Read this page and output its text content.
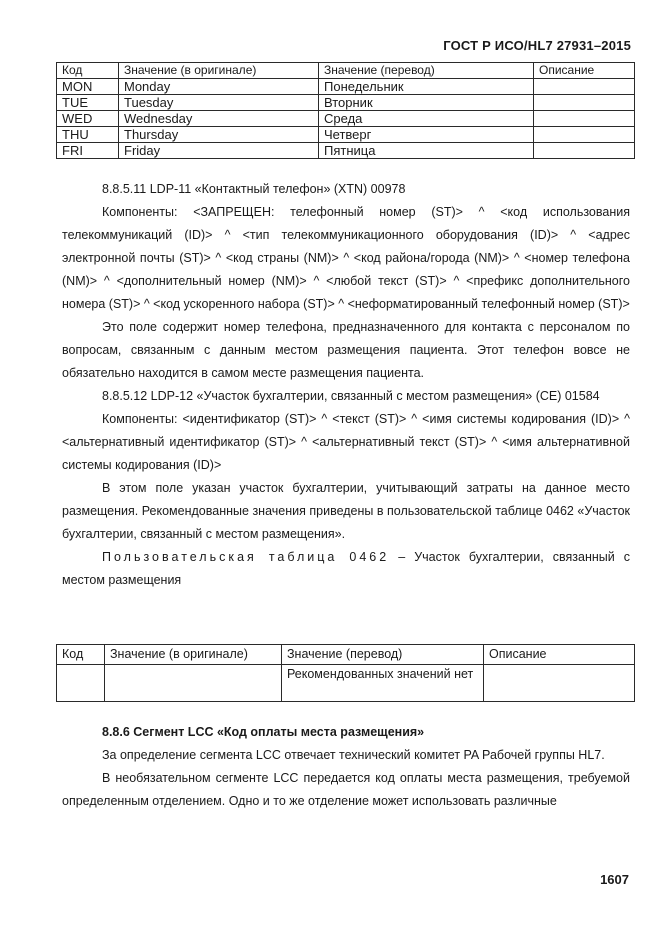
ГОСТ Р ИСО/HL7 27931–2015
Код	Значение (в оригинале)	Значение (перевод)	Описание
MON	Monday	Понедельник	
TUE	Tuesday	Вторник	
WED	Wednesday	Среда	
THU	Thursday	Четверг	
FRI	Friday	Пятница	

8.8.5.11 LDP-11 «Контактный телефон» (XTN) 00978

Компоненты: <ЗАПРЕЩЕН: телефонный номер (ST)> ^ <код использования телекоммуникаций (ID)> ^ <тип телекоммуникационного оборудования (ID)> ^ <адрес электронной почты (ST)> ^ <код страны (NM)> ^ <код района/города (NM)> ^ <номер телефона (NM)> ^ <дополнительный номер (NM)> ^ <любой текст (ST)> ^ <префикс дополнительного номера (ST)> ^ <код ускоренного набора (ST)> ^ <неформатированный телефонный номер (ST)>

Это поле содержит номер телефона, предназначенного для контакта с персоналом по вопросам, связанным с данным местом размещения пациента. Этот телефон вовсе не обязательно находится в самом месте размещения пациента.

8.8.5.12 LDP-12 «Участок бухгалтерии, связанный с местом размещения» (CE) 01584

Компоненты: <идентификатор (ST)> ^ <текст (ST)> ^ <имя системы кодирования (ID)> ^ <альтернативный идентификатор (ST)> ^ <альтернативный текст (ST)> ^ <имя альтернативной системы кодирования (ID)>

В этом поле указан участок бухгалтерии, учитывающий затраты на данное место размещения. Рекомендованные значения приведены в пользовательской таблице 0462 «Участок бухгалтерии, связанный с местом размещения».

Пользовательская таблица 0462 – Участок бухгалтерии, связанный с местом размещения

Код	Значение (в оригинале)	Значение (перевод)	Описание
		Рекомендованных значений нет	

8.8.6 Сегмент LCC «Код оплаты места размещения»

За определение сегмента LCC отвечает технический комитет PA Рабочей группы HL7.

В необязательном сегменте LCC передается код оплаты места размещения, требуемой определенным отделением. Одно и то же отделение может использовать различные

1607
